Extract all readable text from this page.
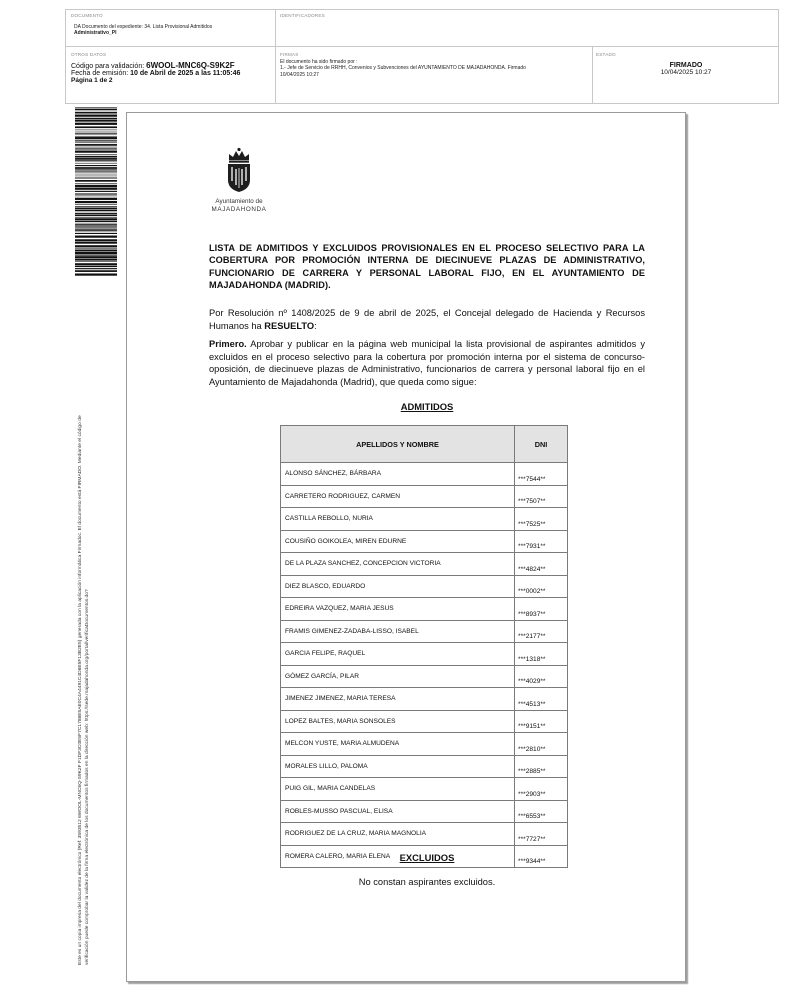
DOCUMENTO
DA Documento del expediente: 34. Lista Provisional Admitidos
Administrativo_PI
IDENTIFICADORES
OTROS DATOS
Código para validación: 6WOOL-MNC6Q-S9K2F
Fecha de emisión: 10 de Abril de 2025 a las 11:05:46
Página 1 de 2
FIRMAS
El documento ha sido firmado por :
1.- Jefe de Servicio de RRHH, Convenios y Subvenciones del AYUNTAMIENTO DE MAJADAHONDA. Firmado
10/04/2025 10:27
ESTADO
FIRMADO
10/04/2025 10:27
Este es un copia impresa del documento electrónico (Ref: 3593512 6WOOL-MNC6Q-S9K2F F1DF3C0E5F7C1788E5AE0C4A4491C4D8E5F13B2E5) generada con la aplicación informática Firmadoc. El documento está FIRMADO. Mediante el código de verificación puede comprobar la validez de la firma electrónica de los documentos firmados en la dirección web: https://sede.majadahonda.org/portal/verificaDocumentos.do?
Ayuntamiento de
MAJADAHONDA
LISTA DE ADMITIDOS Y EXCLUIDOS PROVISIONALES EN EL PROCESO SELECTIVO PARA LA COBERTURA POR PROMOCIÓN INTERNA DE DIECINUEVE PLAZAS DE ADMINISTRATIVO, FUNCIONARIO DE CARRERA Y PERSONAL LABORAL FIJO, EN EL AYUNTAMIENTO DE MAJADAHONDA (MADRID).
Por Resolución nº 1408/2025 de 9 de abril de 2025, el Concejal delegado de Hacienda y Recursos Humanos ha RESUELTO:
Primero. Aprobar y publicar en la página web municipal la lista provisional de aspirantes admitidos y excluidos en el proceso selectivo para la cobertura por promoción interna por el sistema de concurso-oposición, de diecinueve plazas de Administrativo, funcionarios de carrera y personal laboral fijo en el Ayuntamiento de Majadahonda (Madrid), que queda como sigue:
ADMITIDOS
APELLIDOS Y NOMBRE	DNI
ALONSO SÁNCHEZ, BÁRBARA	***7544**
CARRETERO RODRIGUEZ, CARMEN	***7507**
CASTILLA REBOLLO, NURIA	***7525**
COUSIÑO GOIKOLEA, MIREN EDURNE	***7931**
DE LA PLAZA SANCHEZ, CONCEPCION VICTORIA	***4824**
DIEZ BLASCO, EDUARDO	***0002**
EDREIRA VAZQUEZ, MARIA JESUS	***8937**
FRAMIS GIMENEZ-ZADABA-LISSO, ISABEL	***2177**
GARCIA FELIPE, RAQUEL	***1318**
GÓMEZ GARCÍA, PILAR	***4029**
JIMENEZ JIMENEZ, MARIA TERESA	***4513**
LOPEZ BALTES, MARIA SONSOLES	***9151**
MELCON YUSTE, MARIA ALMUDENA	***2810**
MORALES LILLO, PALOMA	***2885**
PUIG GIL, MARIA CANDELAS	***2903**
ROBLES-MUSSO PASCUAL, ELISA	***6553**
RODRIGUEZ DE LA CRUZ, MARIA MAGNOLIA	***7727**
ROMERA CALERO, MARIA ELENA	***9344**
EXCLUIDOS
No constan aspirantes excluidos.
